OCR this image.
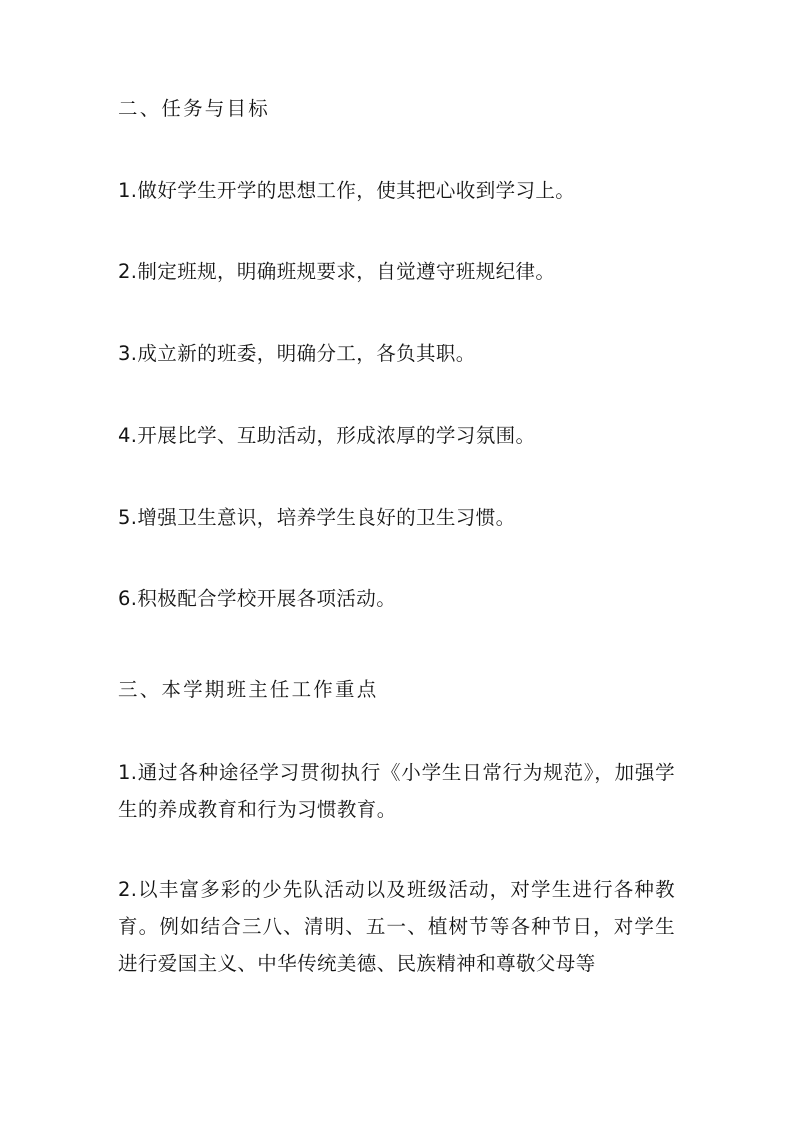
二、任务与目标

1.做好学生开学的思想工作，使其把心收到学习上。

2.制定班规，明确班规要求，自觉遵守班规纪律。

3.成立新的班委，明确分工，各负其职。

4.开展比学、互助活动，形成浓厚的学习氛围。

5.增强卫生意识，培养学生良好的卫生习惯。

6.积极配合学校开展各项活动。

三、本学期班主任工作重点

1.通过各种途径学习贯彻执行《小学生日常行为规范》，加强学生的养成教育和行为习惯教育。

2.以丰富多彩的少先队活动以及班级活动，对学生进行各种教育。例如结合三八、清明、五一、植树节等各种节日，对学生进行爱国主义、中华传统美德、民族精神和尊敬父母等
